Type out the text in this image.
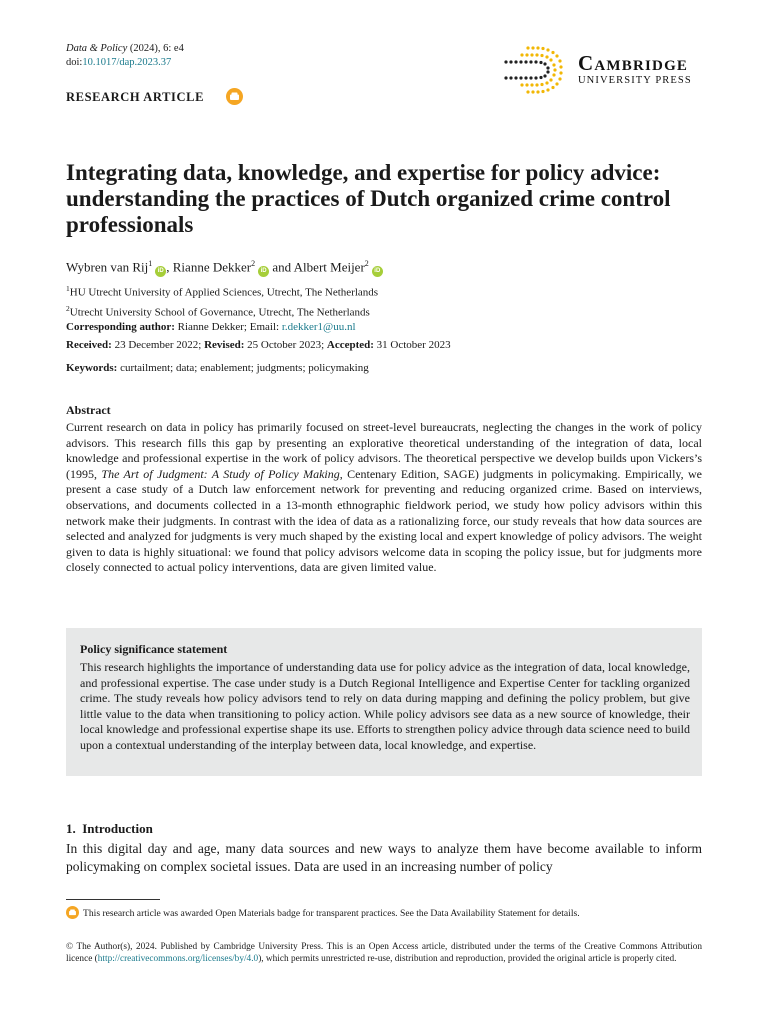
Data & Policy (2024), 6: e4
doi:10.1017/dap.2023.37	Cambridge
UNIVERSITY PRESS
RESEARCH ARTICLE
Integrating data, knowledge, and expertise for policy advice: understanding the practices of Dutch organized crime control professionals
Wybren van Rij$^1$iD , Rianne Dekker$^2$iD and Albert Meijer$^2$iD
$^1$HU Utrecht University of Applied Sciences, Utrecht, The Netherlands
$^2$Utrecht University School of Governance, Utrecht, The Netherlands
Corresponding author: Rianne Dekker; Email: r.dekker1@uu.nl
Received: 23 December 2022; Revised: 25 October 2023; Accepted: 31 October 2023
Keywords: curtailment; data; enablement; judgments; policymaking
Abstract

Current research on data in policy has primarily focused on street-level bureaucrats, neglecting the changes in the work of policy advisors. This research fills this gap by presenting an explorative theoretical understanding of the integration of data, local knowledge and professional expertise in the work of policy advisors. The theoretical perspective we develop builds upon Vickers’s (1995, The Art of Judgment: A Study of Policy Making, Centenary Edition, SAGE) judgments in policymaking. Empirically, we present a case study of a Dutch law enforcement network for preventing and reducing organized crime. Based on interviews, observations, and documents collected in a 13-month ethnographic fieldwork period, we study how policy advisors within this network make their judgments. In contrast with the idea of data as a rationalizing force, our study reveals that how data sources are selected and analyzed for judgments is very much shaped by the existing local and expert knowledge of policy advisors. The weight given to data is highly situational: we found that policy advisors welcome data in scoping the policy issue, but for judgments more closely connected to actual policy interventions, data are given limited value.

Policy significance statement
This research highlights the importance of understanding data use for policy advice as the integration of data, local knowledge, and professional expertise. The case under study is a Dutch Regional Intelligence and Expertise Center for tackling organized crime. The study reveals how policy advisors tend to rely on data during mapping and defining the policy problem, but give little value to the data when transitioning to policy action. While policy advisors see data as a new source of knowledge, their local knowledge and professional expertise shape its use. Efforts to strengthen policy advice through data science need to build upon a contextual understanding of the interplay between data, local knowledge, and expertise.
1.  Introduction
In this digital day and age, many data sources and new ways to analyze them have become available to inform policymaking on complex societal issues. Data are used in an increasing number of policy
This research article was awarded Open Materials badge for transparent practices. See the Data Availability Statement for details.
© The Author(s), 2024. Published by Cambridge University Press. This is an Open Access article, distributed under the terms of the Creative Commons Attribution licence (http://creativecommons.org/licenses/by/4.0), which permits unrestricted re-use, distribution and reproduction, provided the original article is properly cited.
